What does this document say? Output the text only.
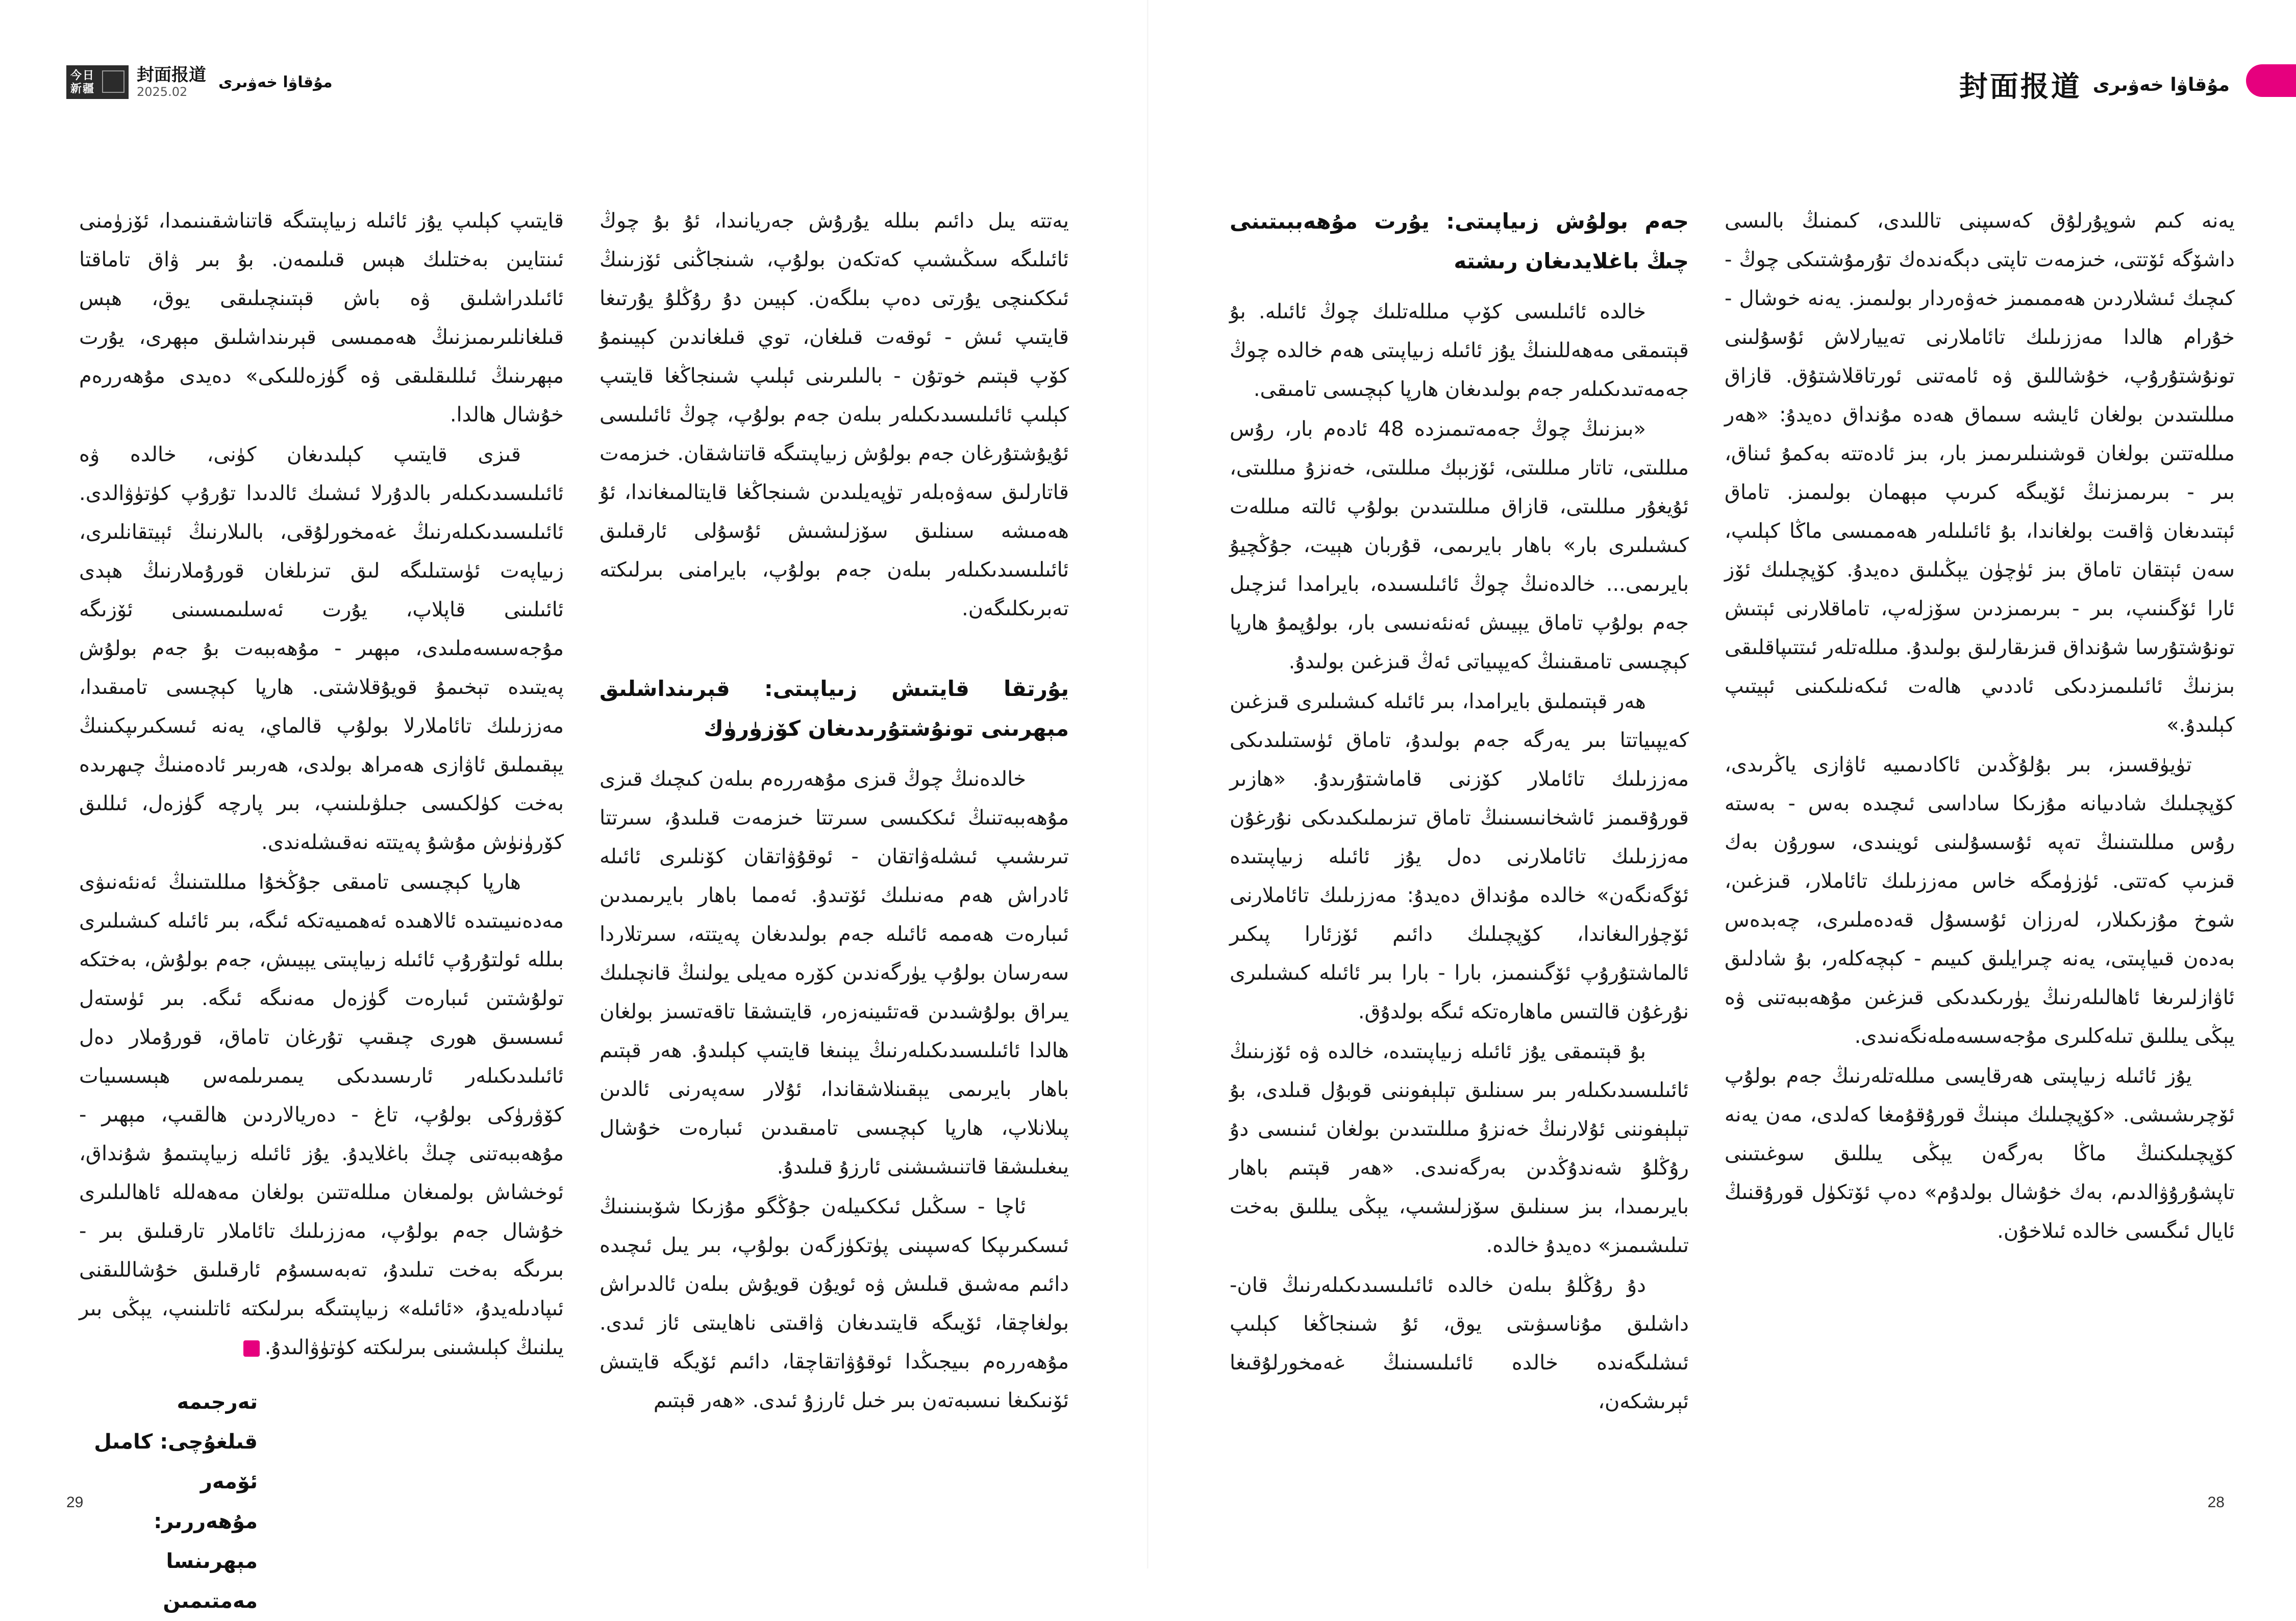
今日
新疆
封面报道
2025.02
مۇقاۋا خەۋىرى	封面报道 مۇقاۋا خەۋىرى

يەنە كىم شوپۇرلۇق كەسىپنى تاللىدى، كىمنىڭ بالىسى داشۆگە ئۆتتى، خىزمەت تاپتى دېگەندەك تۇرمۇشتىكى چوڭ - كىچىك ئىشلاردىن ھەممىمىز خەۋەردار بولىمىز. يەنە خوشال - خۇرام ھالدا مەززىلىك تائاملارنى تەييارلاش ئۇسۇلىنى تونۇشتۇرۇپ، خۇشاللىق ۋە ئامەتنى ئورتاقلاشتۇق. قازاق مىللىتىدىن بولغان ئايشە سىماق ھەدە مۇنداق دەيدۇ: «ھەر مىللەتتىن بولغان قوشنىلىرىمىز بار، بىز ئادەتتە بەكمۇ ئىناق، بىر - بىرىمىزنىڭ ئۆيىگە كىرىپ مېھمان بولىمىز. تاماق ئېتىدىغان ۋاقىت بولغاندا، بۇ ئائىلىلەر ھەممىسى ماڭا كېلىپ، سەن ئېتقان تاماق بىز ئۈچۈن يېڭىلىق دەيدۇ. كۆپچىلىك ئۆز ئارا ئۆگىنىپ، بىر - بىرىمىزدىن سۆزلەپ، تاماقلارنى ئېتىش تونۇشتۇرسا شۇنداق قىزىقارلىق بولىدۇ. مىللەتلەر ئىتتىپاقلىقى بىزنىڭ ئائىلىمىزدىكى ئاددىي ھالەت ئىكەنلىكىنى ئېيتىپ كېلىدۇ.»

تۈيۈقسىز، بىر بۇلۇڭدىن ئاكادىمىيە ئاۋازى ياڭرىدى، كۆپچىلىك شادىيانە مۇزىكا ساداسى ئىچىدە بەس - بەستە رۇس مىللىتىنىڭ تەپە ئۇسسۇلىنى ئوينىدى، سورۇن بەك قىزىپ كەتتى. ئۈزۈمگە خاس مەززىلىك تائاملار، قىزغىن، شوخ مۇزىكىلار، لەرزان ئۇسسۇل قەدەملىرى، چەبدەس بەدەن قىياپىتى، يەنە چىرايلىق كىيىم - كېچەكلەر، بۇ شادلىق ئاۋازلىرىغا ئاھالىلەرنىڭ يۈرىكىدىكى قىزغىن مۇھەببەتنى ۋە يېڭى يىللىق تىلەكلىرى مۇجەسسەملەنگەنىدى.

يۇز ئائىلە زىياپىتى ھەرقايسى مىللەتلەرنىڭ جەم بولۇپ ئۆچرىشىشى. «كۆپچىلىك مېنىڭ قورۇقۇمغا كەلدى، مەن يەنە كۆپچىلىكنىڭ ماڭا بەرگەن يېڭى يىللىق سوغىتىنى تاپشۇرۇۋالدىم، بەك خۇشال بولدۇم» دەپ ئۆتكۈل قورۇقنىڭ ئايال ئىگىسى خالدە ئىلاخۇن.

جەم بولۇش زىياپىتى: يۇرت مۇھەببىتىنى چىڭ باغلايدىغان رىشتە

خالدە ئائىلىسى كۆپ مىللەتلىك چوڭ ئائىلە. بۇ قېتىمقى مەھەللىنىڭ يۇز ئائىلە زىياپىتى ھەم خالدە چوڭ جەمەتىدىكىلەر جەم بولىدىغان ھارپا كېچىسى تامىقى.

«بىزنىڭ چوڭ جەمەتىمىزدە 48 ئادەم بار، رۇس مىللىتى، تاتار مىللىتى، ئۆزبېك مىللىتى، خەنزۇ مىللىتى، ئۇيغۇر مىللىتى، قازاق مىللىتىدىن بولۇپ ئالتە مىللەت كىشىلىرى بار» باھار بايرىمى، قۇربان ھېيت، جۇڭچيۇ بايرىمى... خالدەنىڭ چوڭ ئائىلىسىدە، بايرامدا ئىزچىل جەم بولۇپ تاماق يېيىش ئەنئەنىسى بار، بولۇپمۇ ھارپا كېچىسى تامىقىنىڭ كەيپىياتى ئەڭ قىزغىن بولىدۇ.

ھەر قېتىملىق بايرامدا، بىر ئائىلە كىشىلىرى قىزغىن كەيپىياتتا بىر يەرگە جەم بولىدۇ، تاماق ئۈستىلىدىكى مەززىلىك تائاملار كۆزنى قاماشتۇرىدۇ. «ھازىر قورۇقىمىز ئاشخانىسىنىڭ تاماق تىزىملىكىدىكى نۇرغۇن مەززىلىك تائاملارنى دەل يۇز ئائىلە زىياپىتىدە ئۆگەنگەن» خالدە مۇنداق دەيدۇ: مەززىلىك تائاملارنى ئۆچۈرالىغاندا، كۆپچىلىك دائىم ئۆزئارا پىكىر ئالماشتۇرۇپ ئۆگىنىمىز، بارا - بارا بىر ئائىلە كىشىلىرى نۇرغۇن قالتىس ماھارەتكە ئىگە بولدۇق.

بۇ قېتىمقى يۇز ئائىلە زىياپىتىدە، خالدە ۋە ئۆزىنىڭ ئائىلىسىدىكىلەر بىر سىنلىق تېلېفوننى قوبۇل قىلدى، بۇ تېلېفوننى ئۇلارنىڭ خەنزۇ مىللىتىدىن بولغان ئىنىسى دۇ رۇڭلۇ شەندۇڭدىن بەرگەنىدى. «ھەر قېتىم باھار بايرىمىدا، بىز سىنلىق سۆزلىشىپ، يېڭى يىللىق بەخت تىلىشىمىز» دەيدۇ خالدە.

دۇ رۇڭلۇ بىلەن خالدە ئائىلىسىدىكىلەرنىڭ قان-داشلىق مۇناسىۋىتى يوق، ئۇ شىنجاڭغا كېلىپ ئىشلىگەندە خالدە ئائىلىسىنىڭ غەمخورلۇقىغا ئېرىشكەن،

يەتتە يىل دائىم بىللە يۇرۇش جەريانىدا، ئۇ بۇ چوڭ ئائىلىگە سىڭىشىپ كەتكەن بولۇپ، شىنجاڭنى ئۆزىنىڭ ئىككىنچى يۇرتى دەپ بىلگەن. كېيىن دۇ رۇڭلۇ يۇرتىغا قايتىپ ئىش - ئوقەت قىلغان، توي قىلغاندىن كېيىنمۇ كۆپ قېتىم خوتۇن - بالىلىرىنى ئېلىپ شىنجاڭغا قايتىپ كېلىپ ئائىلىسىدىكىلەر بىلەن جەم بولۇپ، چوڭ ئائىلىسى ئۇيۇشتۇرغان جەم بولۇش زىياپىتىگە قاتناشقان. خىزمەت قاتارلىق سەۋەبلەر تۈپەيلىدىن شىنجاڭغا قايتالمىغاندا، ئۇ ھەمىشە سىنلىق سۆزلىشىش ئۇسۇلى ئارقىلىق ئائىلىسىدىكىلەر بىلەن جەم بولۇپ، بايرامنى بىرلىكتە تەبرىكلىگەن.

يۇرتقا قايتىش زىياپىتى: قېرىنداشلىق مېھرىنى تونۇشتۇرىدىغان كۆزۈرۈك

خالدەنىڭ چوڭ قىزى مۇھەررەم بىلەن كىچىك قىزى مۇھەببەتنىڭ ئىككىسى سىرتتا خىزمەت قىلىدۇ، سىرتتا تىرىشىپ ئىشلەۋاتقان - ئوقۇۋاتقان كۆنلىرى ئائىلە ئادراش ھەم مەنىلىك ئۆتىدۇ. ئەمما باھار بايرىمىدىن ئىبارەت ھەممە ئائىلە جەم بولىدىغان پەيتتە، سىرتلاردا سەرسان بولۇپ يۈرگەندىن كۆرە مەيلى يولنىڭ قانچىلىك يىراق بولۇشىدىن قەتئىينەزەر، قايتىشقا تاقەتسىز بولغان ھالدا ئائىلىسىدىكىلەرنىڭ يېنىغا قايتىپ كېلىدۇ. ھەر قېتىم باھار بايرىمى يېقىنلاشقاندا، ئۇلار سەپەرنى ئالدىن پىلانلاپ، ھارپا كېچىسى تامىقىدىن ئىبارەت خۇشال يىغىلىشقا قاتنىشىشنى ئارزۇ قىلىدۇ.

ئاچا - سىڭىل ئىككىيلەن جۇڭگو مۇزىكا شۆبىنىنىڭ ئىسكىرىپكا كەسپىنى پۈتكۈزگەن بولۇپ، بىر يىل ئىچىدە دائىم مەشىق قىلىش ۋە ئويۇن قويۇش بىلەن ئالدىراش بولغاچقا، ئۆيىگە قايتىدىغان ۋاقىتى ناھايىتى ئاز ئىدى. مۇھەررەم بىيجىڭدا ئوقۇۋاتقاچقا، دائىم ئۆيگە قايتىش ئۆنىكىغا نىسبەتەن بىر خىل ئارزۇ ئىدى. «ھەر قېتىم

قايتىپ كېلىپ يۇز ئائىلە زىياپىتىگە قاتناشقىنىمدا، ئۆزۈمنى ئىنتايىن بەختلىك ھېس قىلىمەن. بۇ بىر ۋاق تاماقتا ئائىلدراشلىق ۋە باش قېتىنچىلىقى يوق، ھېس قىلغانلىرىمىزنىڭ ھەممىسى قېرىنداشلىق مېھرى، يۇرت مېھرىنىڭ ئىللىقلىقى ۋە گۈزەللىكى» دەيدى مۇھەررەم خۇشال ھالدا.

قىزى قايتىپ كېلىدىغان كۈنى، خالدە ۋە ئائىلىسىدىكىلەر بالدۇرلا ئىشىك ئالدىدا تۇرۇپ كۈتۈۋالدى. ئائىلىسىدىكىلەرنىڭ غەمخورلۇقى، بالىلارنىڭ ئېيتقانلىرى، زىياپەت ئۈستىلىگە لىق تىزىلغان قورۇملارنىڭ ھېدى ئائىلىنى قاپلاپ، يۇرت ئەسلىمىسىنى ئۆزىگە مۇجەسسەملىدى، مېھىر - مۇھەببەت بۇ جەم بولۇش پەيتىدە تېخىمۇ قويۇقلاشتى. ھارپا كېچىسى تامىقىدا، مەززىلىك تائاملارلا بولۇپ قالماي، يەنە ئىسكىرىپكىنىڭ يېقىملىق ئاۋازى ھەمراھ بولدى، ھەربىر ئادەمنىڭ چىھرىدە بەخت كۈلكىسى جىلۋىلىنىپ، بىر پارچە گۈزەل، ئىللىق كۆرۈنۈش مۇشۇ پەيتتە نەقىشلەندى.

ھارپا كېچىسى تامىقى جۇڭخۇا مىللىتىنىڭ ئەنئەنىۋى مەدەنىيىتىدە ئالاھىدە ئەھمىيەتكە ئىگە، بىر ئائىلە كىشىلىرى بىللە ئولتۇرۇپ ئائىلە زىياپىتى يېيىش، جەم بولۇش، بەختكە تولۇشتىن ئىبارەت گۈزەل مەنىگە ئىگە. بىر ئۈستەل ئىسسىق ھورى چىقىپ تۇرغان تاماق، قورۇملار دەل ئائىلىدىكىلەر ئارىسىدىكى يىمىرىلمەس ھېسسىيات كۆۋرۈكى بولۇپ، تاغ - دەريالاردىن ھالقىپ، مېھىر - مۇھەببەتنى چىڭ باغلايدۇ. يۇز ئائىلە زىياپىتىمۇ شۇنداق، ئوخشاش بولمىغان مىللەتتىن بولغان مەھەللە ئاھالىلىرى خۇشال جەم بولۇپ، مەززىلىك تائاملار تارقىلىق بىر - بىرىگە بەخت تىلىدۇ، تەبەسسۇم ئارقىلىق خۇشاللىقنى ئىپادىلەيدۇ، «ئائىلە» زىياپىتىگە بىرلىكتە ئاتلىنىپ، يېڭى بىر يىلنىڭ كېلىشىنى بىرلىكتە كۈتۈۋالىدۇ.J

تەرجىمە قىلغۇچى: كامىل ئۆمەر
مۇھەررىر: مېھرىنسا مەمتىمىن
29	28
